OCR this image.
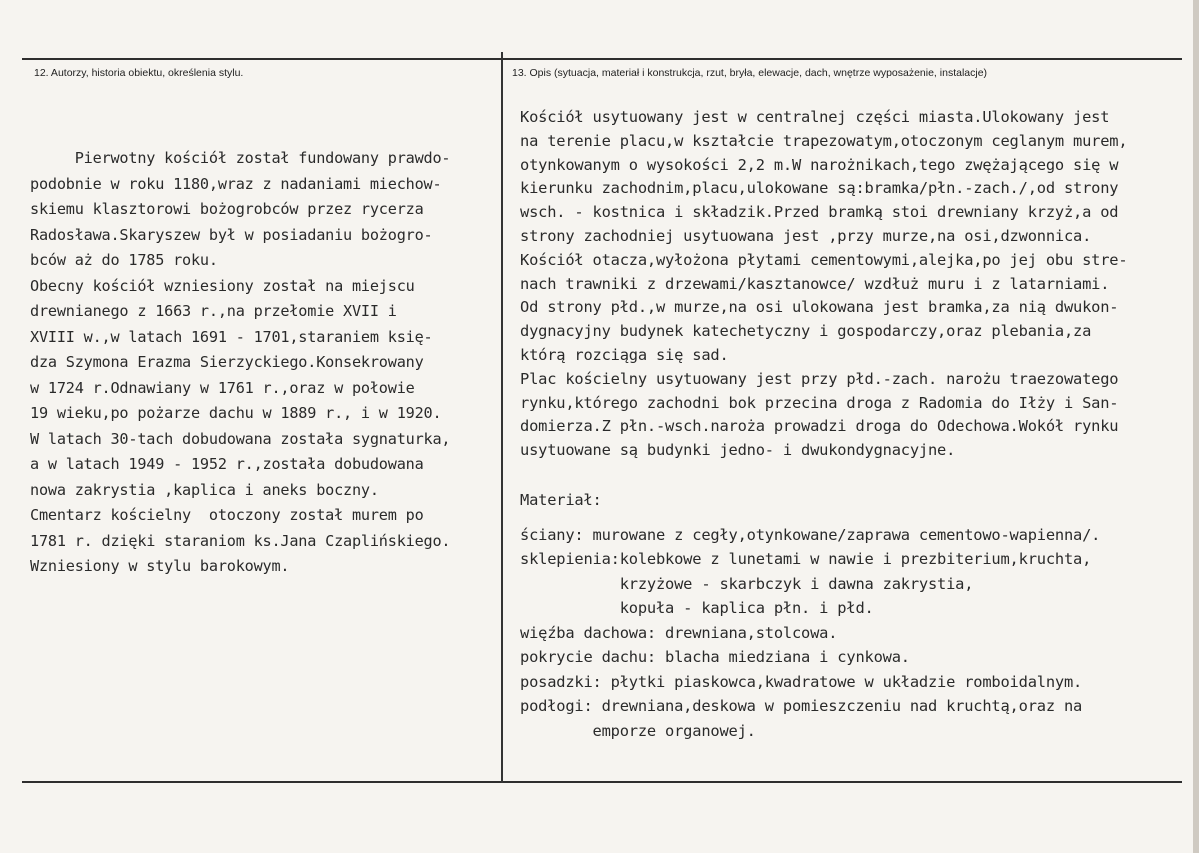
12. Autorzy, historia obiektu, określenia stylu.	13. Opis (sytuacja, materiał i konstrukcja, rzut, bryła, elewacje, dach, wnętrze wyposażenie, instalacje)
Pierwotny kościół został fundowany prawdo-
podobnie w roku 1180,wraz z nadaniami miechow-
skiemu klasztorowi bożogrobców przez rycerza
Radosława.Skaryszew był w posiadaniu bożogro-
bców aż do 1785 roku.
Obecny kościół wzniesiony został na miejscu
drewnianego z 1663 r.,na przełomie XVII i
XVIII w.,w latach 1691 - 1701,staraniem księ-
dza Szymona Erazma Sierzyckiego.Konsekrowany
w 1724 r.Odnawiany w 1761 r.,oraz w połowie
19 wieku,po pożarze dachu w 1889 r., i w 1920.
W latach 30-tach dobudowana została sygnaturka,
a w latach 1949 - 1952 r.,została dobudowana
nowa zakrystia ,kaplica i aneks boczny.
Cmentarz kościelny  otoczony został murem po
1781 r. dzięki staraniom ks.Jana Czaplińskiego.
Wzniesiony w stylu barokowym.
Kościół usytuowany jest w centralnej części miasta.Ulokowany jest
na terenie placu,w kształcie trapezowatym,otoczonym ceglanym murem,
otynkowanym o wysokości 2,2 m.W narożnikach,tego zwężającego się w
kierunku zachodnim,placu,ulokowane są:bramka/płn.-zach./,od strony
wsch. - kostnica i składzik.Przed bramką stoi drewniany krzyż,a od
strony zachodniej usytuowana jest ,przy murze,na osi,dzwonnica.
Kościół otacza,wyłożona płytami cementowymi,alejka,po jej obu stre-
nach trawniki z drzewami/kasztanowce/ wzdłuż muru i z latarniami.
Od strony płd.,w murze,na osi ulokowana jest bramka,za nią dwukon-
dygnacyjny budynek katechetyczny i gospodarczy,oraz plebania,za
którą rozciąga się sad.
Plac kościelny usytuowany jest przy płd.-zach. narożu traezowatego
rynku,którego zachodni bok przecina droga z Radomia do Iłży i San-
domierza.Z płn.-wsch.naroża prowadzi droga do Odechowa.Wokół rynku
usytuowane są budynki jedno- i dwukondygnacyjne.
Materiał:
ściany: murowane z cegły,otynkowane/zaprawa cementowo-wapienna/.
sklepienia:kolebkowe z lunetami w nawie i prezbiterium,kruchta,
krzyżowe - skarbczyk i dawna zakrystia,
kopuła - kaplica płn. i płd.
więźba dachowa: drewniana,stolcowa.
pokrycie dachu: blacha miedziana i cynkowa.
posadzki: płytki piaskowca,kwadratowe w układzie romboidalnym.
podłogi: drewniana,deskowa w pomieszczeniu nad kruchtą,oraz na
emporze organowej.
